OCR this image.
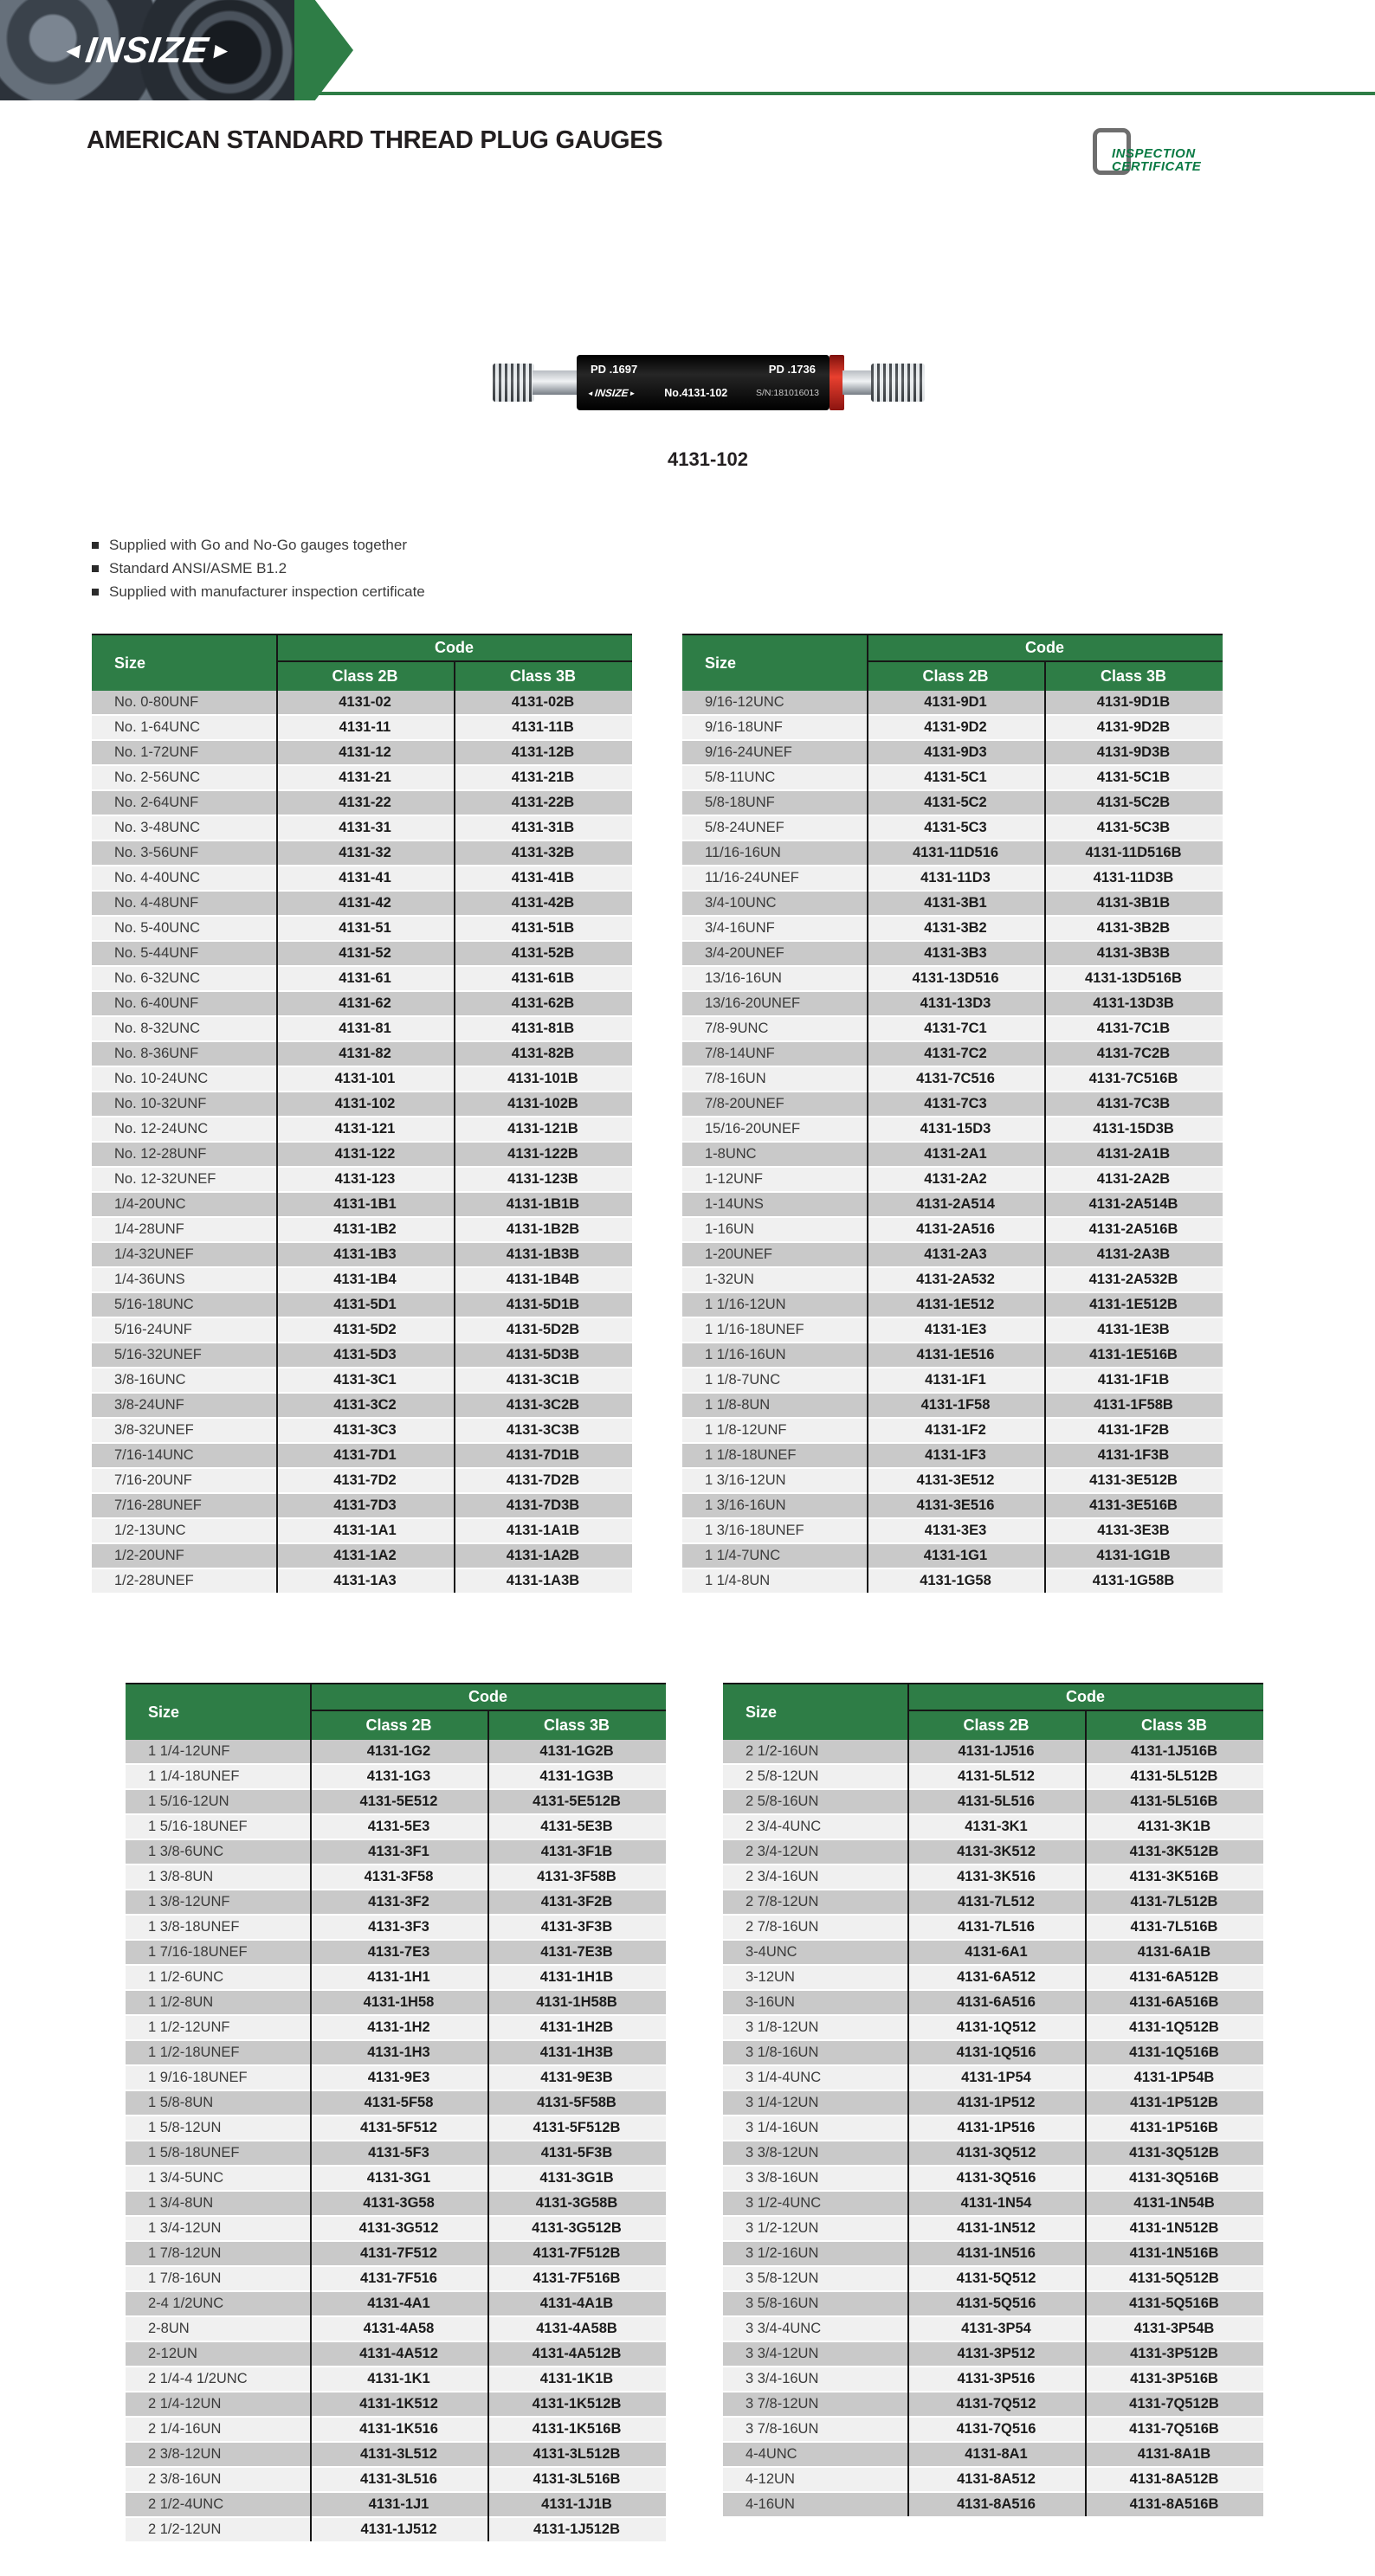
◄
INSIZE
►
AMERICAN STANDARD THREAD PLUG GAUGES	INSPECTION
CERTIFICATE
PD .1697	PD .1736
◄ INSIZE ►	No.4131-102	S/N:181016013
4131-102
Supplied with Go and No-Go gauges together
Standard ANSI/ASME B1.2
Supplied with manufacturer inspection certificate
Size
Code
Class 2B	Class 3B
No. 0-80UNF	4131-02	4131-02B
No. 1-64UNC	4131-11	4131-11B
No. 1-72UNF	4131-12	4131-12B
No. 2-56UNC	4131-21	4131-21B
No. 2-64UNF	4131-22	4131-22B
No. 3-48UNC	4131-31	4131-31B
No. 3-56UNF	4131-32	4131-32B
No. 4-40UNC	4131-41	4131-41B
No. 4-48UNF	4131-42	4131-42B
No. 5-40UNC	4131-51	4131-51B
No. 5-44UNF	4131-52	4131-52B
No. 6-32UNC	4131-61	4131-61B
No. 6-40UNF	4131-62	4131-62B
No. 8-32UNC	4131-81	4131-81B
No. 8-36UNF	4131-82	4131-82B
No. 10-24UNC	4131-101	4131-101B
No. 10-32UNF	4131-102	4131-102B
No. 12-24UNC	4131-121	4131-121B
No. 12-28UNF	4131-122	4131-122B
No. 12-32UNEF	4131-123	4131-123B
1/4-20UNC	4131-1B1	4131-1B1B
1/4-28UNF	4131-1B2	4131-1B2B
1/4-32UNEF	4131-1B3	4131-1B3B
1/4-36UNS	4131-1B4	4131-1B4B
5/16-18UNC	4131-5D1	4131-5D1B
5/16-24UNF	4131-5D2	4131-5D2B
5/16-32UNEF	4131-5D3	4131-5D3B
3/8-16UNC	4131-3C1	4131-3C1B
3/8-24UNF	4131-3C2	4131-3C2B
3/8-32UNEF	4131-3C3	4131-3C3B
7/16-14UNC	4131-7D1	4131-7D1B
7/16-20UNF	4131-7D2	4131-7D2B
7/16-28UNEF	4131-7D3	4131-7D3B
1/2-13UNC	4131-1A1	4131-1A1B
1/2-20UNF	4131-1A2	4131-1A2B
1/2-28UNEF	4131-1A3	4131-1A3B
Size
Code
Class 2B	Class 3B
9/16-12UNC	4131-9D1	4131-9D1B
9/16-18UNF	4131-9D2	4131-9D2B
9/16-24UNEF	4131-9D3	4131-9D3B
5/8-11UNC	4131-5C1	4131-5C1B
5/8-18UNF	4131-5C2	4131-5C2B
5/8-24UNEF	4131-5C3	4131-5C3B
11/16-16UN	4131-11D516	4131-11D516B
11/16-24UNEF	4131-11D3	4131-11D3B
3/4-10UNC	4131-3B1	4131-3B1B
3/4-16UNF	4131-3B2	4131-3B2B
3/4-20UNEF	4131-3B3	4131-3B3B
13/16-16UN	4131-13D516	4131-13D516B
13/16-20UNEF	4131-13D3	4131-13D3B
7/8-9UNC	4131-7C1	4131-7C1B
7/8-14UNF	4131-7C2	4131-7C2B
7/8-16UN	4131-7C516	4131-7C516B
7/8-20UNEF	4131-7C3	4131-7C3B
15/16-20UNEF	4131-15D3	4131-15D3B
1-8UNC	4131-2A1	4131-2A1B
1-12UNF	4131-2A2	4131-2A2B
1-14UNS	4131-2A514	4131-2A514B
1-16UN	4131-2A516	4131-2A516B
1-20UNEF	4131-2A3	4131-2A3B
1-32UN	4131-2A532	4131-2A532B
1 1/16-12UN	4131-1E512	4131-1E512B
1 1/16-18UNEF	4131-1E3	4131-1E3B
1 1/16-16UN	4131-1E516	4131-1E516B
1 1/8-7UNC	4131-1F1	4131-1F1B
1 1/8-8UN	4131-1F58	4131-1F58B
1 1/8-12UNF	4131-1F2	4131-1F2B
1 1/8-18UNEF	4131-1F3	4131-1F3B
1 3/16-12UN	4131-3E512	4131-3E512B
1 3/16-16UN	4131-3E516	4131-3E516B
1 3/16-18UNEF	4131-3E3	4131-3E3B
1 1/4-7UNC	4131-1G1	4131-1G1B
1 1/4-8UN	4131-1G58	4131-1G58B
Size
Code
Class 2B	Class 3B
1 1/4-12UNF	4131-1G2	4131-1G2B
1 1/4-18UNEF	4131-1G3	4131-1G3B
1 5/16-12UN	4131-5E512	4131-5E512B
1 5/16-18UNEF	4131-5E3	4131-5E3B
1 3/8-6UNC	4131-3F1	4131-3F1B
1 3/8-8UN	4131-3F58	4131-3F58B
1 3/8-12UNF	4131-3F2	4131-3F2B
1 3/8-18UNEF	4131-3F3	4131-3F3B
1 7/16-18UNEF	4131-7E3	4131-7E3B
1 1/2-6UNC	4131-1H1	4131-1H1B
1 1/2-8UN	4131-1H58	4131-1H58B
1 1/2-12UNF	4131-1H2	4131-1H2B
1 1/2-18UNEF	4131-1H3	4131-1H3B
1 9/16-18UNEF	4131-9E3	4131-9E3B
1 5/8-8UN	4131-5F58	4131-5F58B
1 5/8-12UN	4131-5F512	4131-5F512B
1 5/8-18UNEF	4131-5F3	4131-5F3B
1 3/4-5UNC	4131-3G1	4131-3G1B
1 3/4-8UN	4131-3G58	4131-3G58B
1 3/4-12UN	4131-3G512	4131-3G512B
1 7/8-12UN	4131-7F512	4131-7F512B
1 7/8-16UN	4131-7F516	4131-7F516B
2-4 1/2UNC	4131-4A1	4131-4A1B
2-8UN	4131-4A58	4131-4A58B
2-12UN	4131-4A512	4131-4A512B
2 1/4-4 1/2UNC	4131-1K1	4131-1K1B
2 1/4-12UN	4131-1K512	4131-1K512B
2 1/4-16UN	4131-1K516	4131-1K516B
2 3/8-12UN	4131-3L512	4131-3L512B
2 3/8-16UN	4131-3L516	4131-3L516B
2 1/2-4UNC	4131-1J1	4131-1J1B
2 1/2-12UN	4131-1J512	4131-1J512B
Size
Code
Class 2B	Class 3B
2 1/2-16UN	4131-1J516	4131-1J516B
2 5/8-12UN	4131-5L512	4131-5L512B
2 5/8-16UN	4131-5L516	4131-5L516B
2 3/4-4UNC	4131-3K1	4131-3K1B
2 3/4-12UN	4131-3K512	4131-3K512B
2 3/4-16UN	4131-3K516	4131-3K516B
2 7/8-12UN	4131-7L512	4131-7L512B
2 7/8-16UN	4131-7L516	4131-7L516B
3-4UNC	4131-6A1	4131-6A1B
3-12UN	4131-6A512	4131-6A512B
3-16UN	4131-6A516	4131-6A516B
3 1/8-12UN	4131-1Q512	4131-1Q512B
3 1/8-16UN	4131-1Q516	4131-1Q516B
3 1/4-4UNC	4131-1P54	4131-1P54B
3 1/4-12UN	4131-1P512	4131-1P512B
3 1/4-16UN	4131-1P516	4131-1P516B
3 3/8-12UN	4131-3Q512	4131-3Q512B
3 3/8-16UN	4131-3Q516	4131-3Q516B
3 1/2-4UNC	4131-1N54	4131-1N54B
3 1/2-12UN	4131-1N512	4131-1N512B
3 1/2-16UN	4131-1N516	4131-1N516B
3 5/8-12UN	4131-5Q512	4131-5Q512B
3 5/8-16UN	4131-5Q516	4131-5Q516B
3 3/4-4UNC	4131-3P54	4131-3P54B
3 3/4-12UN	4131-3P512	4131-3P512B
3 3/4-16UN	4131-3P516	4131-3P516B
3 7/8-12UN	4131-7Q512	4131-7Q512B
3 7/8-16UN	4131-7Q516	4131-7Q516B
4-4UNC	4131-8A1	4131-8A1B
4-12UN	4131-8A512	4131-8A512B
4-16UN	4131-8A516	4131-8A516B
